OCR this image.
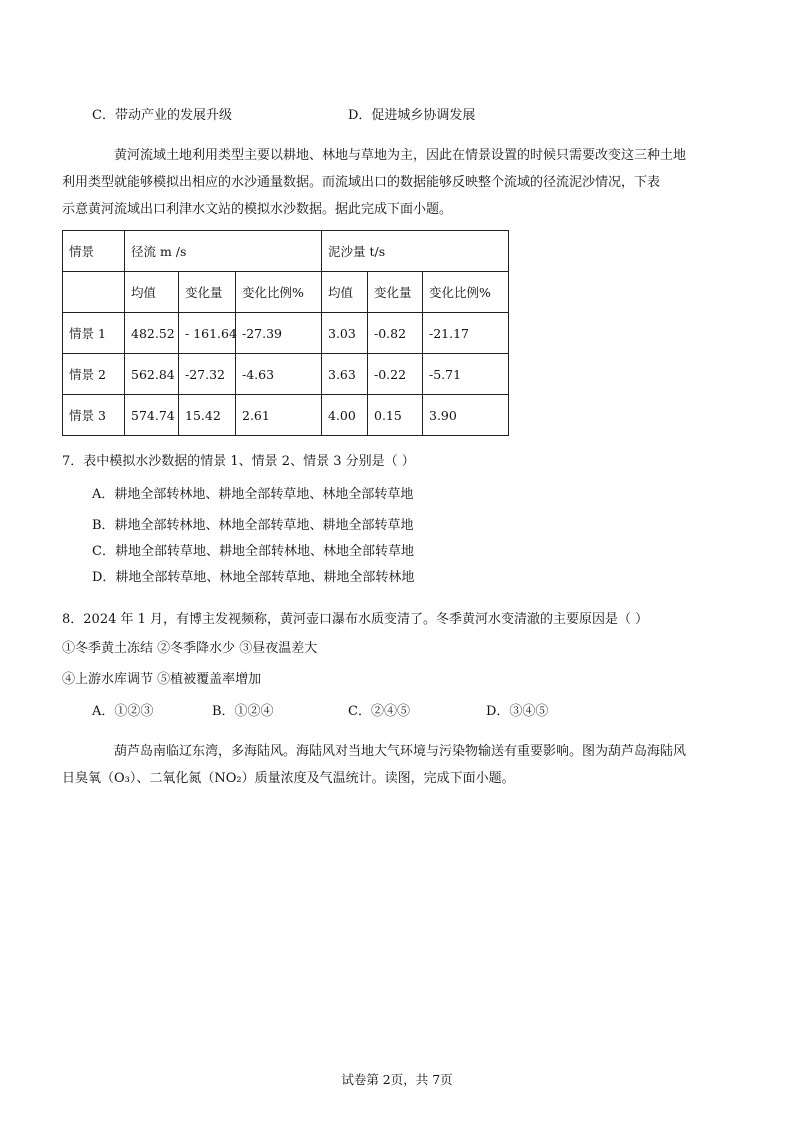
C．带动产业的发展升级	D．促进城乡协调发展

黄河流域土地利用类型主要以耕地、林地与草地为主，因此在情景设置的时候只需要改变这三种土地

利用类型就能够模拟出相应的水沙通量数据。而流域出口的数据能够反映整个流域的径流泥沙情况，下表

示意黄河流域出口利津水文站的模拟水沙数据。据此完成下面小题。

情景	径流 m /s			泥沙量 t/s		
	均值	变化量	变化比例%	均值	变化量	变化比例%
情景 1	482.52	- 161.64	-27.39	3.03	-0.82	-21.17
情景 2	562.84	-27.32	-4.63	3.63	-0.22	-5.71
情景 3	574.74	15.42	2.61	4.00	0.15	3.90
7．表中模拟水沙数据的情景 1、情景 2、情景 3 分别是（ ）
A．耕地全部转林地、耕地全部转草地、林地全部转草地
B．耕地全部转林地、林地全部转草地、耕地全部转草地
C．耕地全部转草地、耕地全部转林地、林地全部转草地
D．耕地全部转草地、林地全部转草地、耕地全部转林地
8．2024 年 1 月，有博主发视频称，黄河壶口瀑布水质变清了。冬季黄河水变清澈的主要原因是（ ）
①冬季黄土冻结 ②冬季降水少 ③昼夜温差大
④上游水库调节 ⑤植被覆盖率增加
A．①②③	B．①②④	C．②④⑤	D．③④⑤

葫芦岛南临辽东湾，多海陆风。海陆风对当地大气环境与污染物输送有重要影响。图为葫芦岛海陆风

日臭氧（O₃）、二氧化氮（NO₂）质量浓度及气温统计。读图，完成下面小题。

试卷第 2页，共 7页
